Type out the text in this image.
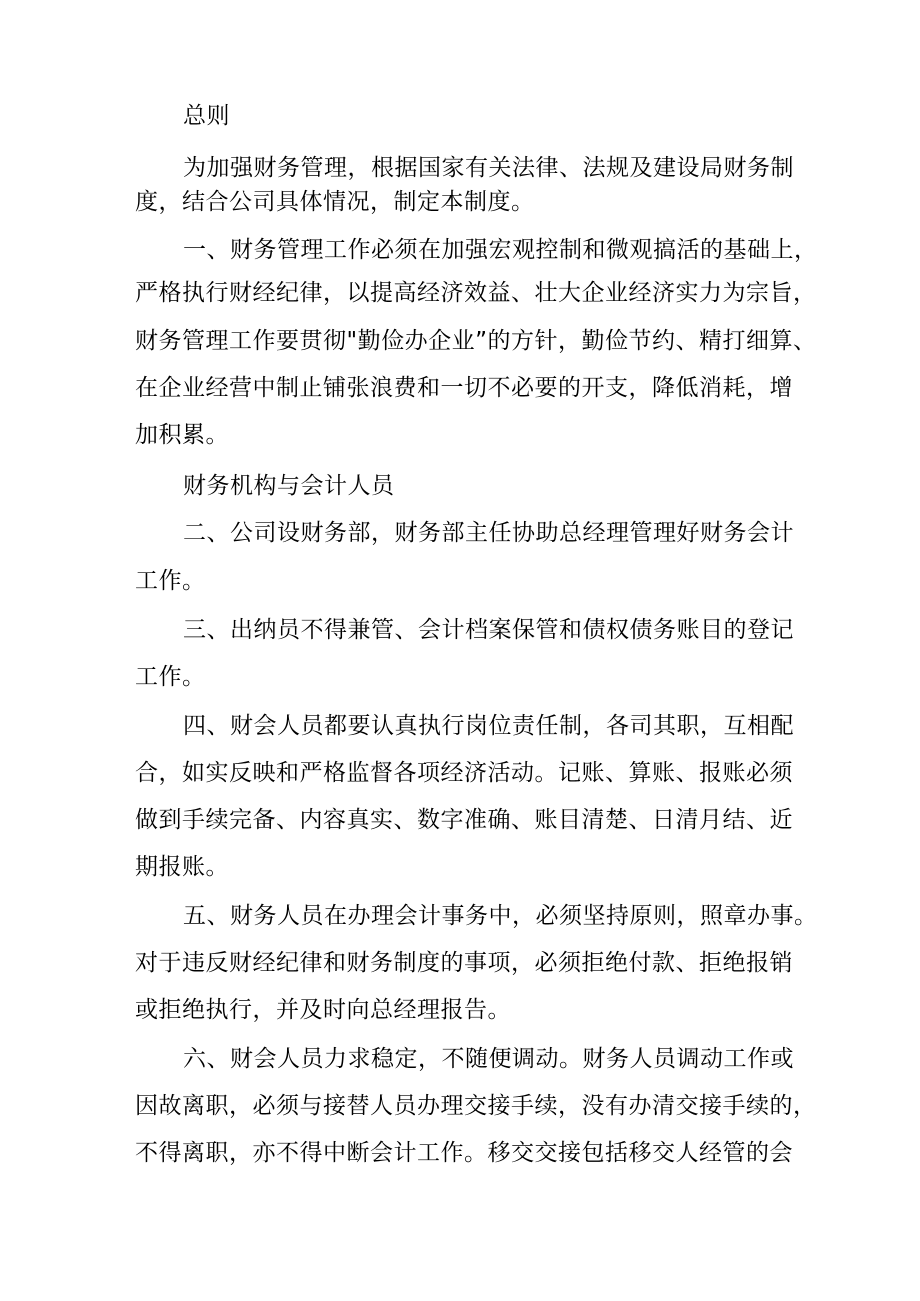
总则
为加强财务管理，根据国家有关法律、法规及建设局财务制
度，结合公司具体情况，制定本制度。
一、财务管理工作必须在加强宏观控制和微观搞活的基础上，
严格执行财经纪律，以提高经济效益、壮大企业经济实力为宗旨，
财务管理工作要贯彻"勤俭办企业”的方针，勤俭节约、精打细算、
在企业经营中制止铺张浪费和一切不必要的开支，降低消耗，增
加积累。
财务机构与会计人员
二、公司设财务部，财务部主任协助总经理管理好财务会计
工作。
三、出纳员不得兼管、会计档案保管和债权债务账目的登记
工作。
四、财会人员都要认真执行岗位责任制，各司其职，互相配
合，如实反映和严格监督各项经济活动。记账、算账、报账必须
做到手续完备、内容真实、数字准确、账目清楚、日清月结、近
期报账。
五、财务人员在办理会计事务中，必须坚持原则，照章办事。
对于违反财经纪律和财务制度的事项，必须拒绝付款、拒绝报销
或拒绝执行，并及时向总经理报告。
六、财会人员力求稳定，不随便调动。财务人员调动工作或
因故离职，必须与接替人员办理交接手续，没有办清交接手续的，
不得离职，亦不得中断会计工作。移交交接包括移交人经管的会
